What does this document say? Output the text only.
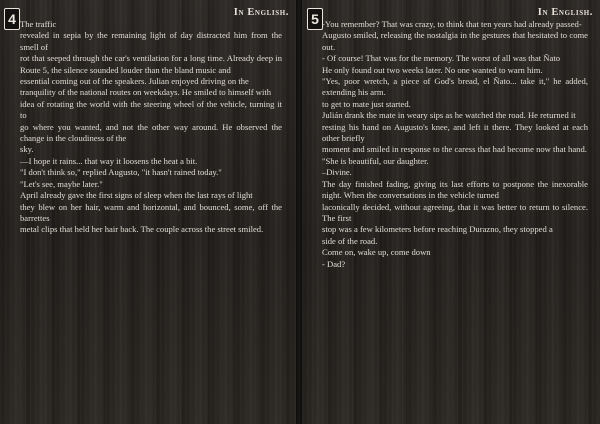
4	In English.

The traffic

revealed in sepia by the remaining light of day distracted him from the smell of

rot that seeped through the car's ventilation for a long time. Already deep in Route 5, the silence sounded louder than the bland music and

essential coming out of the speakers. Julian enjoyed driving on the

tranquility of the national routes on weekdays. He smiled to himself with

idea of rotating the world with the steering wheel of the vehicle, turning it to

go where you wanted, and not the other way around. He observed the change in the cloudiness of the

sky.

—I hope it rains... that way it loosens the heat a bit.

"I don't think so," replied Augusto, "it hasn't rained today."

"Let's see, maybe later."

April already gave the first signs of sleep when the last rays of light

they blew on her hair, warm and horizontal, and bounced, some, off the barrettes

metal clips that held her hair back. The couple across the street smiled.

5	In English.

-You remember? That was crazy, to think that ten years had already passed-

Augusto smiled, releasing the nostalgia in the gestures that hesitated to come out.

- Of course! That was for the memory. The worst of all was that Ñato

He only found out two weeks later. No one wanted to warn him.

"Yes, poor wretch, a piece of God's bread, el Ñato... take it," he added, extending his arm.

to get to mate just started.

Julián drank the mate in weary sips as he watched the road. He returned it

resting his hand on Augusto's knee, and left it there. They looked at each other briefly

moment and smiled in response to the caress that had become now that hand.

"She is beautiful, our daughter.

–Divine.

The day finished fading, giving its last efforts to postpone the inexorable night. When the conversations in the vehicle turned

laconically decided, without agreeing, that it was better to return to silence. The first

stop was a few kilometers before reaching Durazno, they stopped a

side of the road.

Come on, wake up, come down

- Dad?
